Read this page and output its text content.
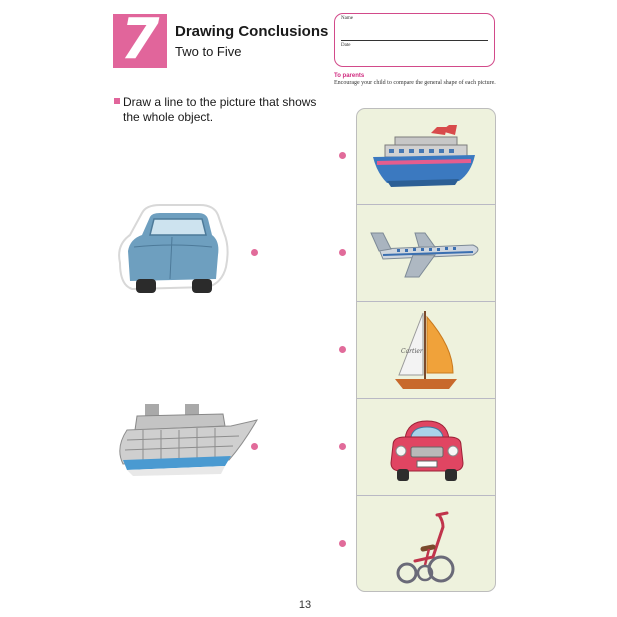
7	Drawing Conclusions
Two to Five
Name
Date
To parents
Encourage your child to compare the general shape of each picture.
Draw a line to the picture that shows the whole object.
Cartier
13
